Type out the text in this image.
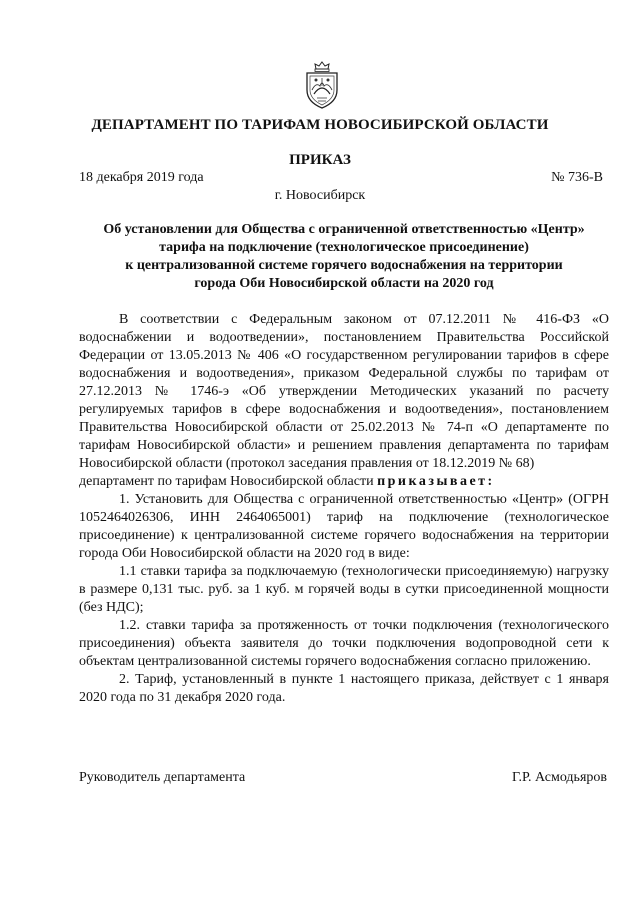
ДЕПАРТАМЕНТ ПО ТАРИФАМ НОВОСИБИРСКОЙ ОБЛАСТИ
ПРИКАЗ
18 декабря 2019 года	№ 736-В
г. Новосибирск
Об установлении для Общества с ограниченной ответственностью «Центр»
тарифа на подключение (технологическое присоединение)
к централизованной системе горячего водоснабжения на территории
города Оби Новосибирской области на 2020 год

В соответствии с Федеральным законом от 07.12.2011 № 416-ФЗ «О водоснабжении и водоотведении», постановлением Правительства Российской Федерации от 13.05.2013 № 406 «О государственном регулировании тарифов в сфере водоснабжения и водоотведения», приказом Федеральной службы по тарифам от 27.12.2013 № 1746-э «Об утверждении Методических указаний по расчету регулируемых тарифов в сфере водоснабжения и водоотведения», постановлением Правительства Новосибирской области от 25.02.2013 № 74-п «О департаменте по тарифам Новосибирской области» и решением правления департамента по тарифам Новосибирской области (протокол заседания правления от 18.12.2019 № 68)

департамент по тарифам Новосибирской области приказывает:

1. Установить для Общества с ограниченной ответственностью «Центр» (ОГРН 1052464026306, ИНН 2464065001) тариф на подключение (технологическое присоединение) к централизованной системе горячего водоснабжения на территории города Оби Новосибирской области на 2020 год в виде:

1.1 ставки тарифа за подключаемую (технологически присоединяемую) нагрузку в размере 0,131 тыс. руб. за 1 куб. м горячей воды в сутки присоединенной мощности (без НДС);

1.2. ставки тарифа за протяженность от точки подключения (технологического присоединения) объекта заявителя до точки подключения водопроводной сети к объектам централизованной системы горячего водоснабжения согласно приложению.

2. Тариф, установленный в пункте 1 настоящего приказа, действует с 1 января 2020 года по 31 декабря 2020 года.

Руководитель департамента	Г.Р. Асмодьяров
